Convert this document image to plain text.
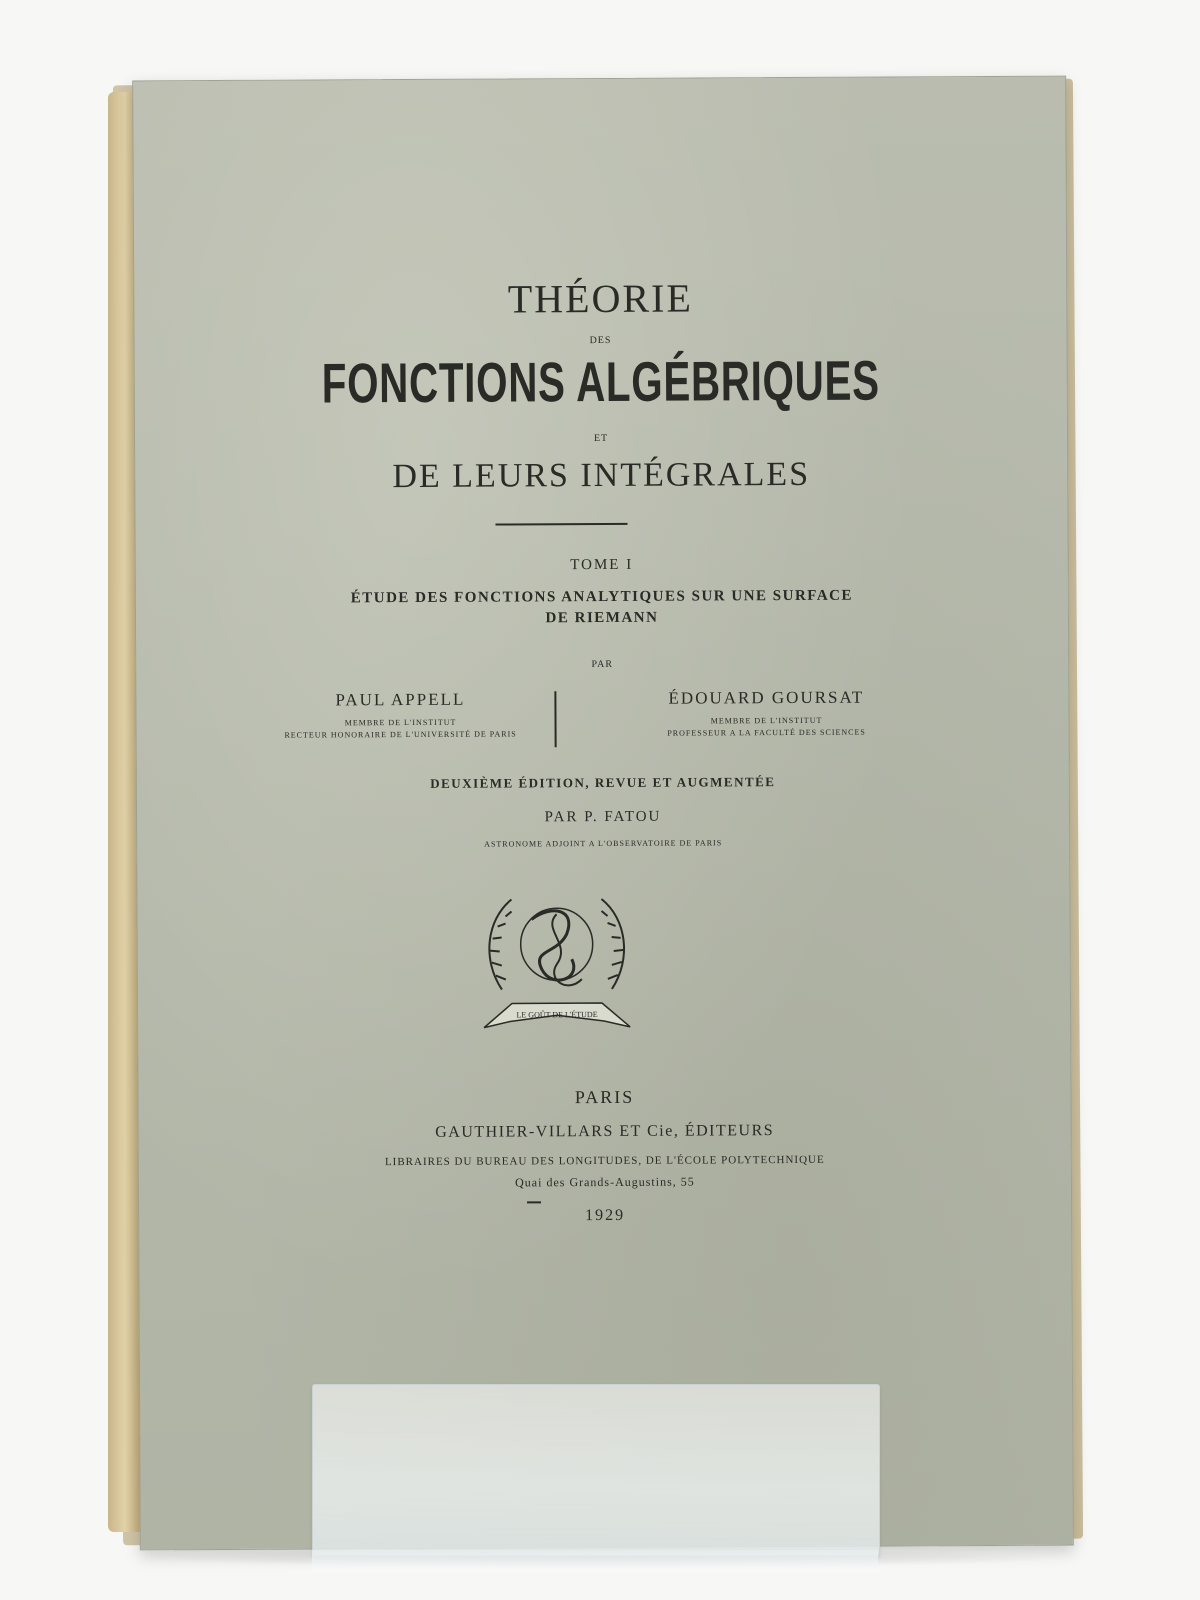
THÉORIE
DES
FONCTIONS ALGÉBRIQUES
ET
DE LEURS INTÉGRALES
TOME I
ÉTUDE DES FONCTIONS ANALYTIQUES SUR UNE SURFACE
DE RIEMANN
PAR
PAUL APPELL
MEMBRE DE L'INSTITUT
RECTEUR HONORAIRE DE L'UNIVERSITÉ DE PARIS
ÉDOUARD GOURSAT
MEMBRE DE L'INSTITUT
PROFESSEUR A LA FACULTÉ DES SCIENCES
DEUXIÈME ÉDITION, REVUE ET AUGMENTÉE
PAR P. FATOU
ASTRONOME ADJOINT A L'OBSERVATOIRE DE PARIS
LE GOÛT DE L'ÉTUDE
PARIS
GAUTHIER-VILLARS ET Cie, ÉDITEURS
LIBRAIRES DU BUREAU DES LONGITUDES, DE L'ÉCOLE POLYTECHNIQUE
Quai des Grands-Augustins, 55
1929
